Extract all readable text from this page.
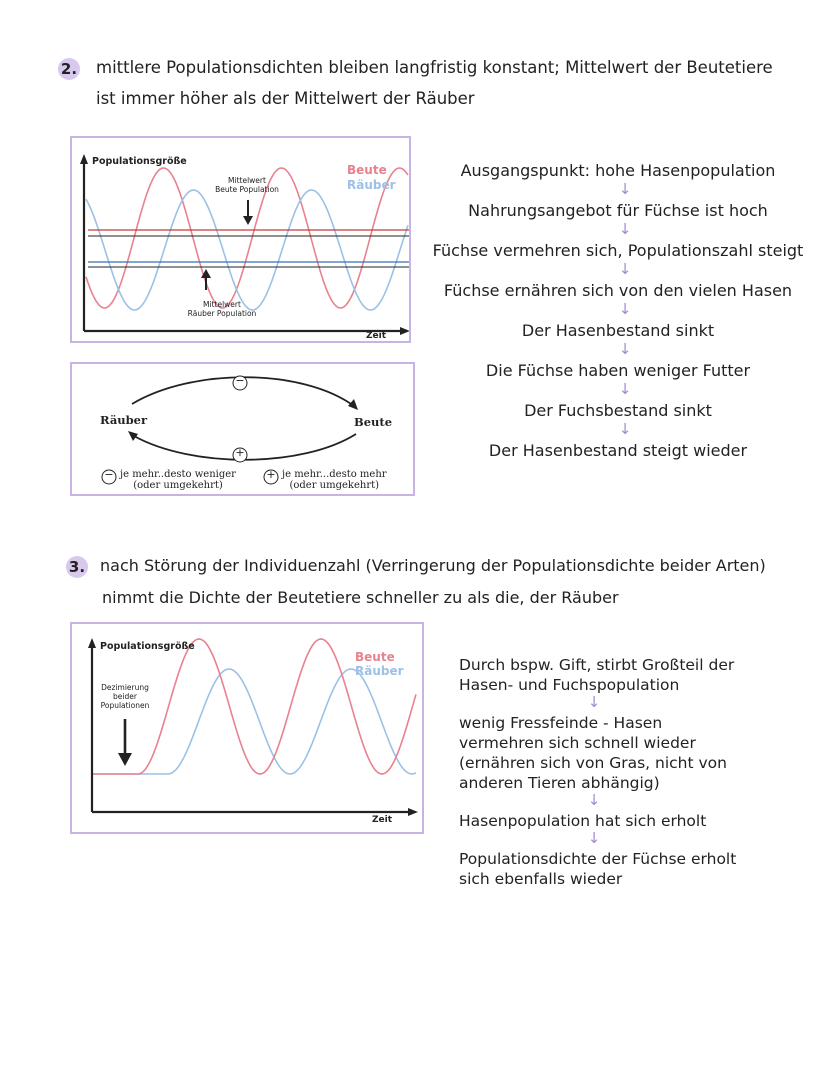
2. mittlere Populationsdichten bleiben langfristig konstant; Mittelwert der Beutetiere
ist immer höher als der Mittelwert der Räuber
Populationsgröße
Zeit
Beute
Räuber
Mittelwert
Beute Population
Mittelwert
Räuber Population
−
+
−	+
Räuber	Beute
je mehr..desto weniger
(oder umgekehrt)
je mehr...desto mehr
(oder umgekehrt)
Ausgangspunkt: hohe Hasenpopulation
↓
Nahrungsangebot für Füchse ist hoch
↓
Füchse vermehren sich, Populationszahl steigt
↓
Füchse ernähren sich von den vielen Hasen
↓
Der Hasenbestand sinkt
↓
Die Füchse haben weniger Futter
↓
Der Fuchsbestand sinkt
↓
Der Hasenbestand steigt wieder
3. nach Störung der Individuenzahl (Verringerung der Populationsdichte beider Arten)
nimmt die Dichte der Beutetiere schneller zu als die, der Räuber
Populationsgröße
Zeit
Beute
Räuber
Dezimierung
beider
Populationen
Durch bspw. Gift, stirbt Großteil der
Hasen- und Fuchspopulation
↓
wenig Fressfeinde - Hasen
vermehren sich schnell wieder
(ernähren sich von Gras, nicht von
anderen Tieren abhängig)
↓
Hasenpopulation hat sich erholt
↓
Populationsdichte der Füchse erholt
sich ebenfalls wieder
